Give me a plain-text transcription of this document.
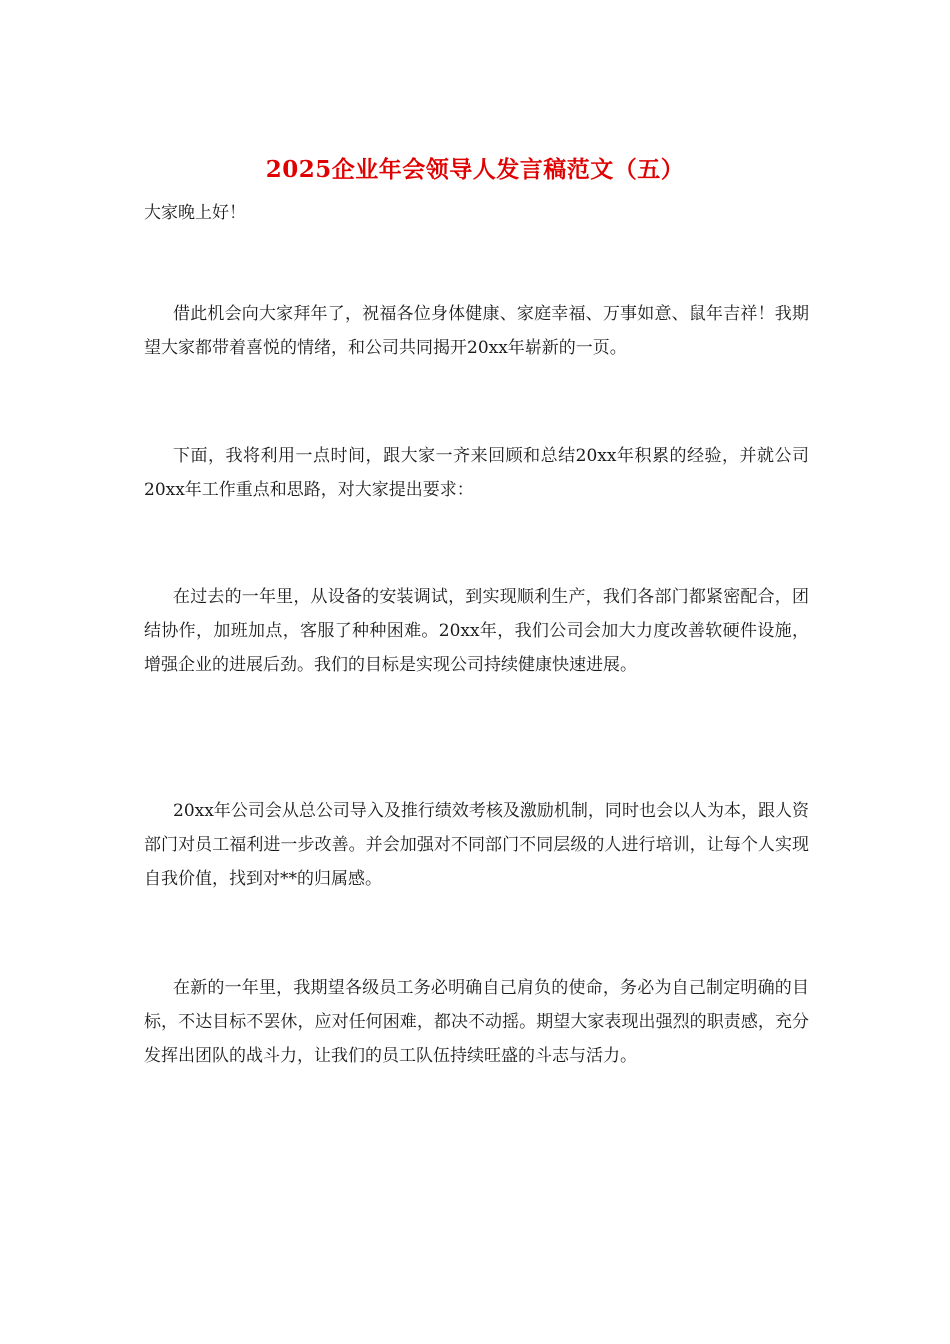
2025企业年会领导人发言稿范文（五）

大家晚上好！

借此机会向大家拜年了，祝福各位身体健康、家庭幸福、万事如意、鼠年吉祥！我期望大家都带着喜悦的情绪，和公司共同揭开20xx年崭新的一页。

下面，我将利用一点时间，跟大家一齐来回顾和总结20xx年积累的经验，并就公司20xx年工作重点和思路，对大家提出要求：

在过去的一年里，从设备的安装调试，到实现顺利生产，我们各部门都紧密配合，团结协作，加班加点，客服了种种困难。20xx年，我们公司会加大力度改善软硬件设施，增强企业的进展后劲。我们的目标是实现公司持续健康快速进展。

20xx年公司会从总公司导入及推行绩效考核及激励机制，同时也会以人为本，跟人资部门对员工福利进一步改善。并会加强对不同部门不同层级的人进行培训，让每个人实现自我价值，找到对**的归属感。

在新的一年里，我期望各级员工务必明确自己肩负的使命，务必为自己制定明确的目标，不达目标不罢休，应对任何困难，都决不动摇。期望大家表现出强烈的职责感，充分发挥出团队的战斗力，让我们的员工队伍持续旺盛的斗志与活力。
